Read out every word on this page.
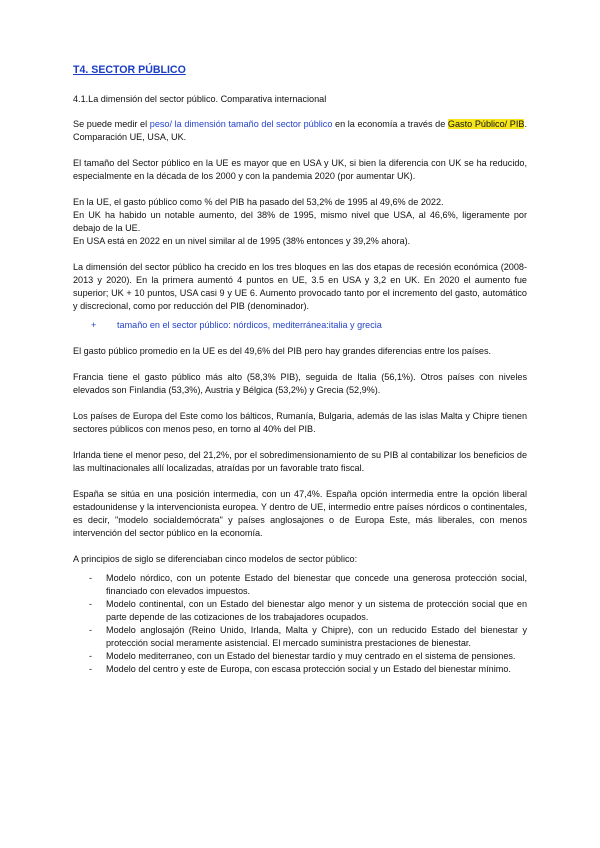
T4. SECTOR PÚBLICO

4.1.La dimensión del sector público. Comparativa internacional

Se puede medir el peso/ la dimensión tamaño del sector público en la economía a través de Gasto Público/ PIB. Comparación UE, USA, UK.

El tamaño del Sector público en la UE es mayor que en USA y UK, si bien la diferencia con UK se ha reducido, especialmente en la década de los 2000 y con la pandemia 2020 (por aumentar UK).

En la UE, el gasto público como % del PIB ha pasado del 53,2% de 1995 al 49,6% de 2022.

En UK ha habido un notable aumento, del 38% de 1995, mismo nivel que USA, al 46,6%, ligeramente por debajo de la UE.

En USA está en 2022 en un nivel similar al de 1995 (38% entonces y 39,2% ahora).

La dimensión del sector público ha crecido en los tres bloques en las dos etapas de recesión económica (2008-2013 y 2020). En la primera aumentó 4 puntos en UE, 3.5 en USA y 3,2 en UK. En 2020 el aumento fue superior; UK + 10 puntos, USA casi 9 y UE 6. Aumento provocado tanto por el incremento del gasto, automático y discrecional, como por reducción del PIB (denominador).

+ tamaño en el sector público: nórdicos, mediterránea:italia y grecia

El gasto público promedio en la UE es del 49,6% del PIB pero hay grandes diferencias entre los países.

Francia tiene el gasto público más alto (58,3% PIB), seguida de Italia (56,1%). Otros países con niveles elevados son Finlandia (53,3%), Austria y Bélgica (53,2%) y Grecia (52,9%).

Los países de Europa del Este como los bálticos, Rumanía, Bulgaria, además de las islas Malta y Chipre tienen sectores públicos con menos peso, en torno al 40% del PIB.

Irlanda tiene el menor peso, del 21,2%, por el sobredimensionamiento de su PIB al contabilizar los beneficios de las multinacionales allí localizadas, atraídas por un favorable trato fiscal.

España se sitúa en una posición intermedia, con un 47,4%. España opción intermedia entre la opción liberal estadounidense y la intervencionista europea. Y dentro de UE, intermedio entre países nórdicos o continentales, es decir, "modelo socialdemócrata" y países anglosajones o de Europa Este, más liberales, con menos intervención del sector público en la economía.

A principios de siglo se diferenciaban cinco modelos de sector público:

- Modelo nórdico, con un potente Estado del bienestar que concede una generosa protección social, financiado con elevados impuestos.
- Modelo continental, con un Estado del bienestar algo menor y un sistema de protección social que en parte depende de las cotizaciones de los trabajadores ocupados.
- Modelo anglosajón (Reino Unido, Irlanda, Malta y Chipre), con un reducido Estado del bienestar y protección social meramente asistencial. El mercado suministra prestaciones de bienestar.
- Modelo mediterraneo, con un Estado del bienestar tardío y muy centrado en el sistema de pensiones.
- Modelo del centro y este de Europa, con escasa protección social y un Estado del bienestar mínimo.
